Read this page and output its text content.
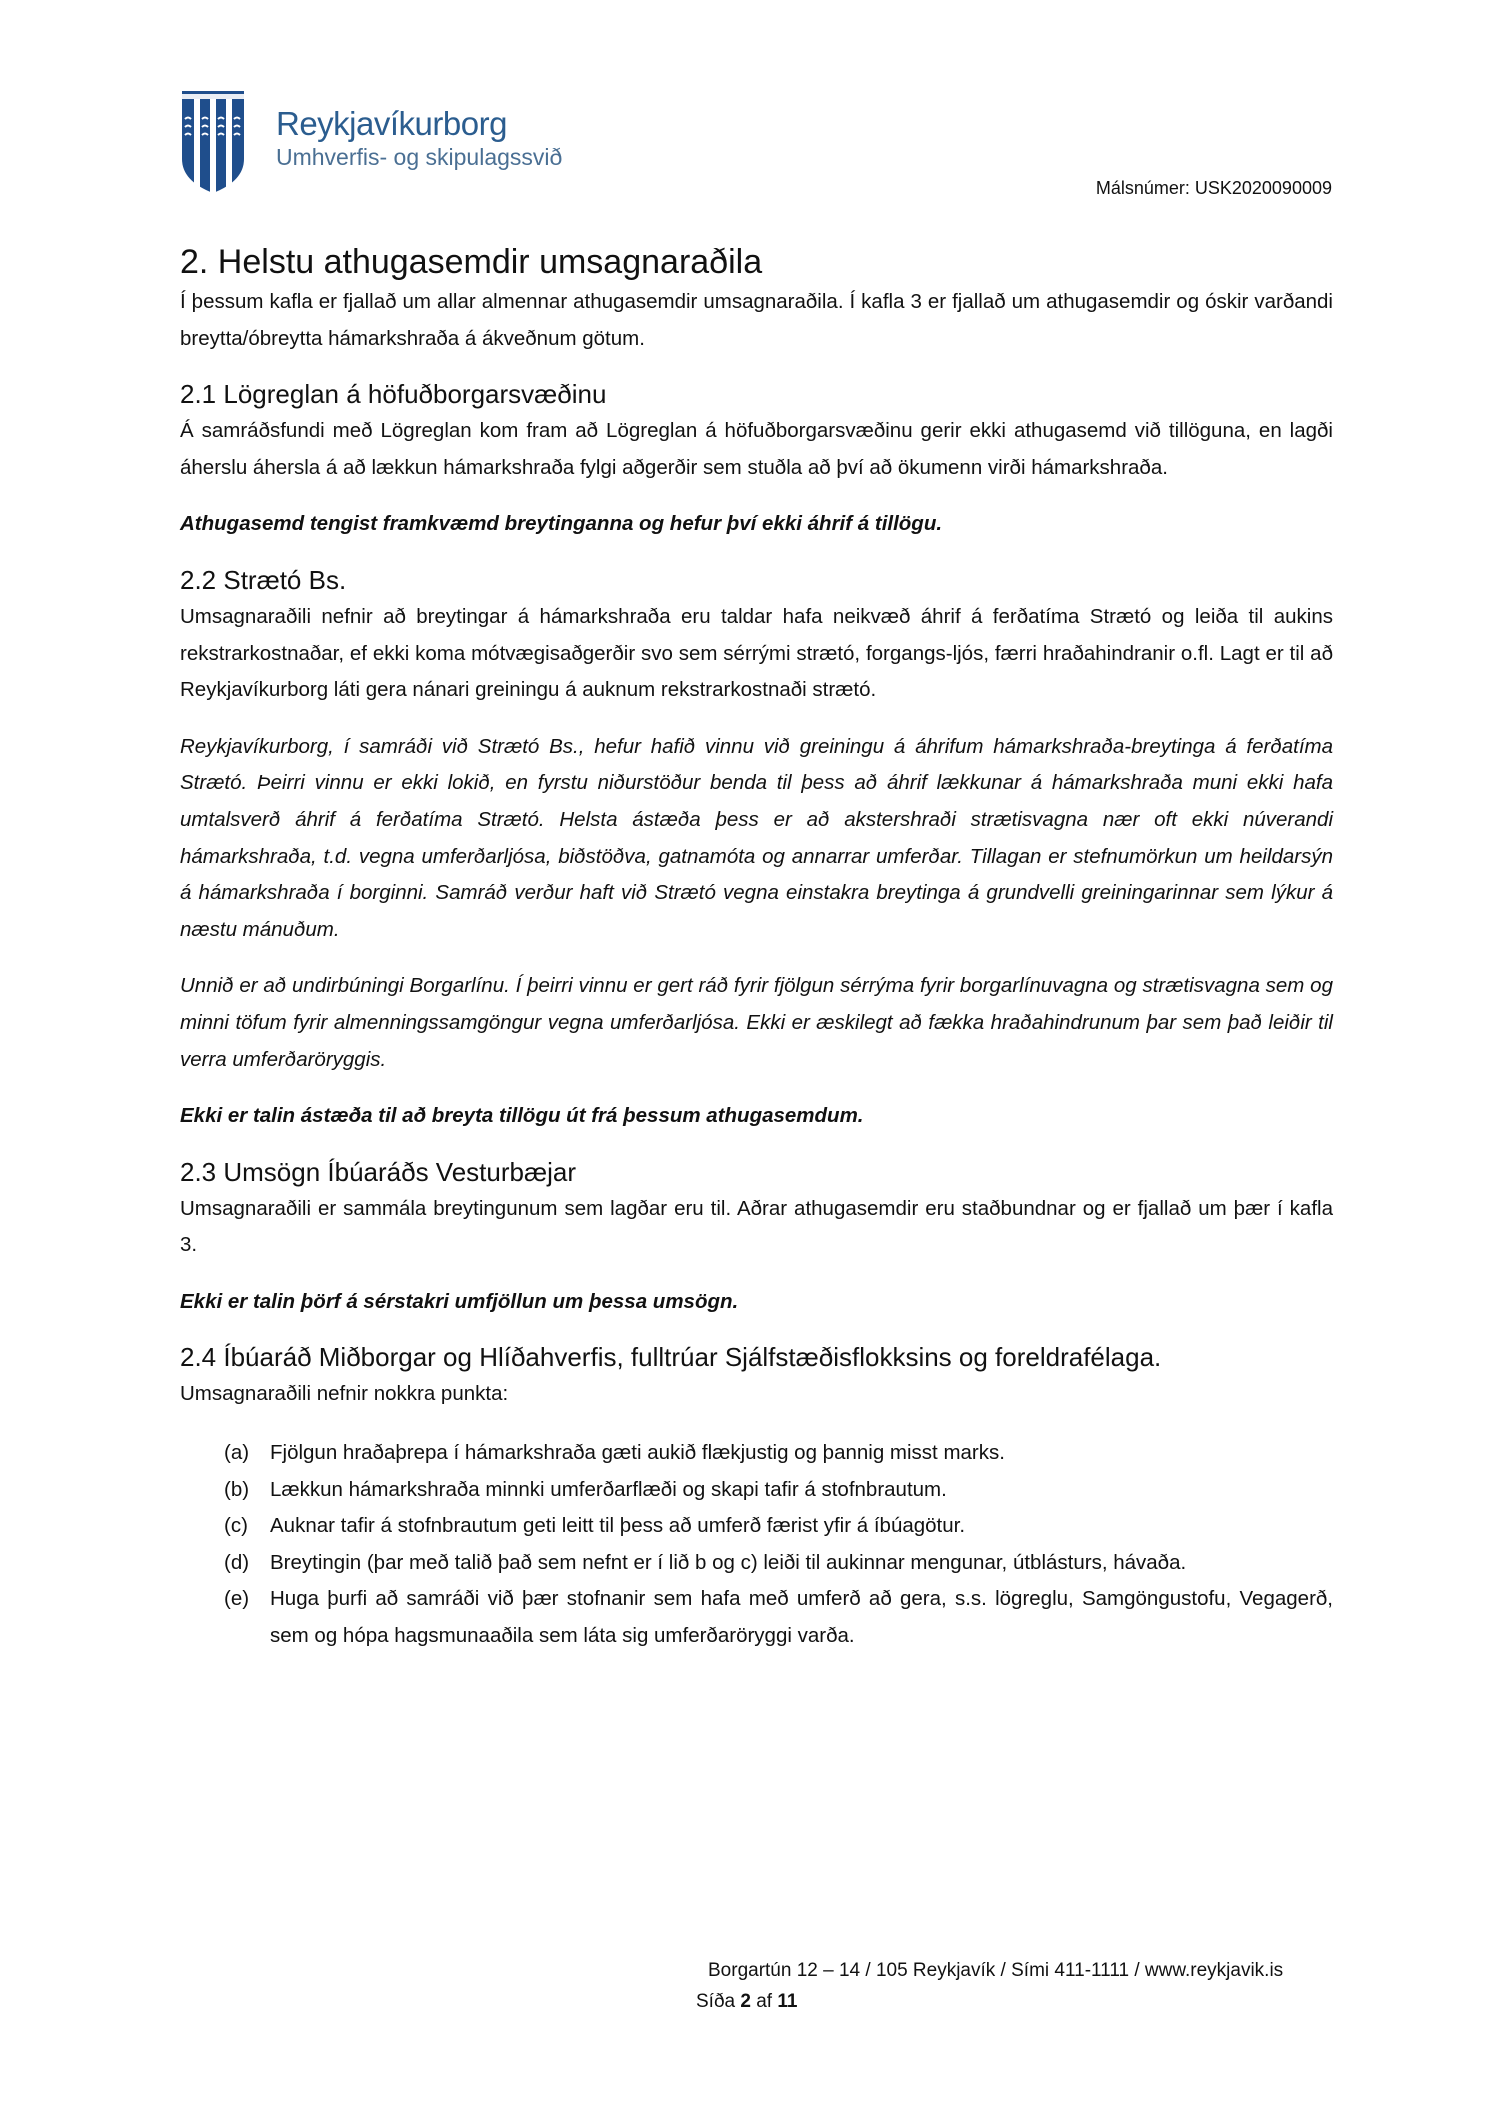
Reykjavíkurborg
Umhverfis- og skipulagssvið
Málsnúmer: USK2020090009
2. Helstu athugasemdir umsagnaraðila

Í þessum kafla er fjallað um allar almennar athugasemdir umsagnaraðila. Í kafla 3 er fjallað um athugasemdir og óskir varðandi breytta/óbreytta hámarkshraða á ákveðnum götum.

2.1 Lögreglan á höfuðborgarsvæðinu

Á samráðsfundi með Lögreglan kom fram að Lögreglan á höfuðborgarsvæðinu gerir ekki athugasemd við tillöguna, en lagði áherslu áhersla á að lækkun hámarkshraða fylgi aðgerðir sem stuðla að því að ökumenn virði hámarkshraða.

Athugasemd tengist framkvæmd breytinganna og hefur því ekki áhrif á tillögu.

2.2 Strætó Bs.

Umsagnaraðili nefnir að breytingar á hámarkshraða eru taldar hafa neikvæð áhrif á ferðatíma Strætó og leiða til aukins rekstrarkostnaðar, ef ekki koma mótvægisaðgerðir svo sem sérrými strætó, forgangs-ljós, færri hraðahindranir o.fl. Lagt er til að Reykjavíkurborg láti gera nánari greiningu á auknum rekstrarkostnaði strætó.

Reykjavíkurborg, í samráði við Strætó Bs., hefur hafið vinnu við greiningu á áhrifum hámarkshraða-breytinga á ferðatíma Strætó. Þeirri vinnu er ekki lokið, en fyrstu niðurstöður benda til þess að áhrif lækkunar á hámarkshraða muni ekki hafa umtalsverð áhrif á ferðatíma Strætó. Helsta ástæða þess er að akstershraði strætisvagna nær oft ekki núverandi hámarkshraða, t.d. vegna umferðarljósa, biðstöðva, gatnamóta og annarrar umferðar. Tillagan er stefnumörkun um heildarsýn á hámarkshraða í borginni. Samráð verður haft við Strætó vegna einstakra breytinga á grundvelli greiningarinnar sem lýkur á næstu mánuðum.

Unnið er að undirbúningi Borgarlínu. Í þeirri vinnu er gert ráð fyrir fjölgun sérrýma fyrir borgarlínuvagna og strætisvagna sem og minni töfum fyrir almenningssamgöngur vegna umferðarljósa. Ekki er æskilegt að fækka hraðahindrunum þar sem það leiðir til verra umferðaröryggis.

Ekki er talin ástæða til að breyta tillögu út frá þessum athugasemdum.

2.3 Umsögn Íbúaráðs Vesturbæjar

Umsagnaraðili er sammála breytingunum sem lagðar eru til. Aðrar athugasemdir eru staðbundnar og er fjallað um þær í kafla 3.

Ekki er talin þörf á sérstakri umfjöllun um þessa umsögn.

2.4 Íbúaráð Miðborgar og Hlíðahverfis, fulltrúar Sjálfstæðisflokksins og foreldrafélaga.

Umsagnaraðili nefnir nokkra punkta:

(a)	Fjölgun hraðaþrepa í hámarkshraða gæti aukið flækjustig og þannig misst marks.
(b)	Lækkun hámarkshraða minnki umferðarflæði og skapi tafir á stofnbrautum.
(c)	Auknar tafir á stofnbrautum geti leitt til þess að umferð færist yfir á íbúagötur.
(d)	Breytingin (þar með talið það sem nefnt er í lið b og c) leiði til aukinnar mengunar, útblásturs, hávaða.
(e)	Huga þurfi að samráði við þær stofnanir sem hafa með umferð að gera, s.s. lögreglu, Samgöngustofu, Vegagerð, sem og hópa hagsmunaaðila sem láta sig umferðaröryggi varða.
Borgartún 12 – 14 / 105 Reykjavík / Sími 411-1111 / www.reykjavik.is
Síða 2 af 11
